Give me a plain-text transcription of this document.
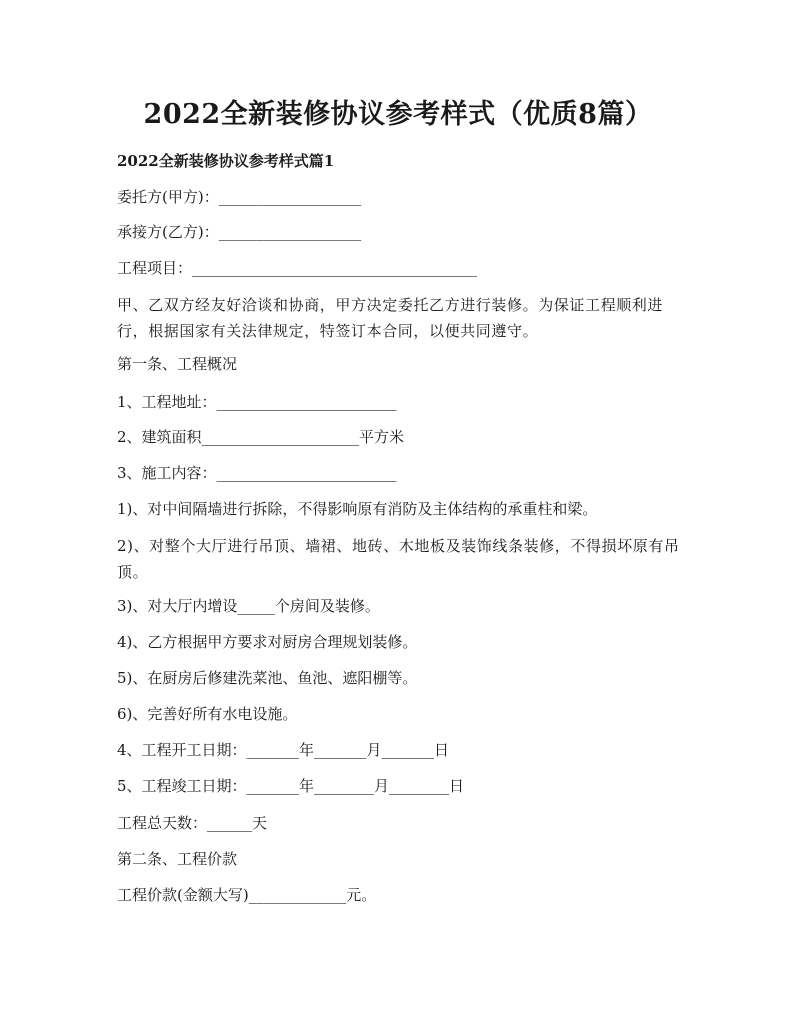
2022全新装修协议参考样式（优质8篇）
2022全新装修协议参考样式篇1

委托方(甲方)：___________________

承接方(乙方)：___________________

工程项目：______________________________________

甲、乙双方经友好洽谈和协商，甲方决定委托乙方进行装修。为保证工程顺利进行，根据国家有关法律规定，特签订本合同，以便共同遵守。

第一条、工程概况

1、工程地址：________________________

2、建筑面积_____________________平方米

3、施工内容：________________________

1)、对中间隔墙进行拆除，不得影响原有消防及主体结构的承重柱和梁。

2)、对整个大厅进行吊顶、墙裙、地砖、木地板及装饰线条装修，不得损坏原有吊顶。

3)、对大厅内增设_____个房间及装修。

4)、乙方根据甲方要求对厨房合理规划装修。

5)、在厨房后修建洗菜池、鱼池、遮阳棚等。

6)、完善好所有水电设施。

4、工程开工日期：_______年_______月_______日

5、工程竣工日期：_______年________月________日

工程总天数：______天

第二条、工程价款

工程价款(金额大写)_____________元。
